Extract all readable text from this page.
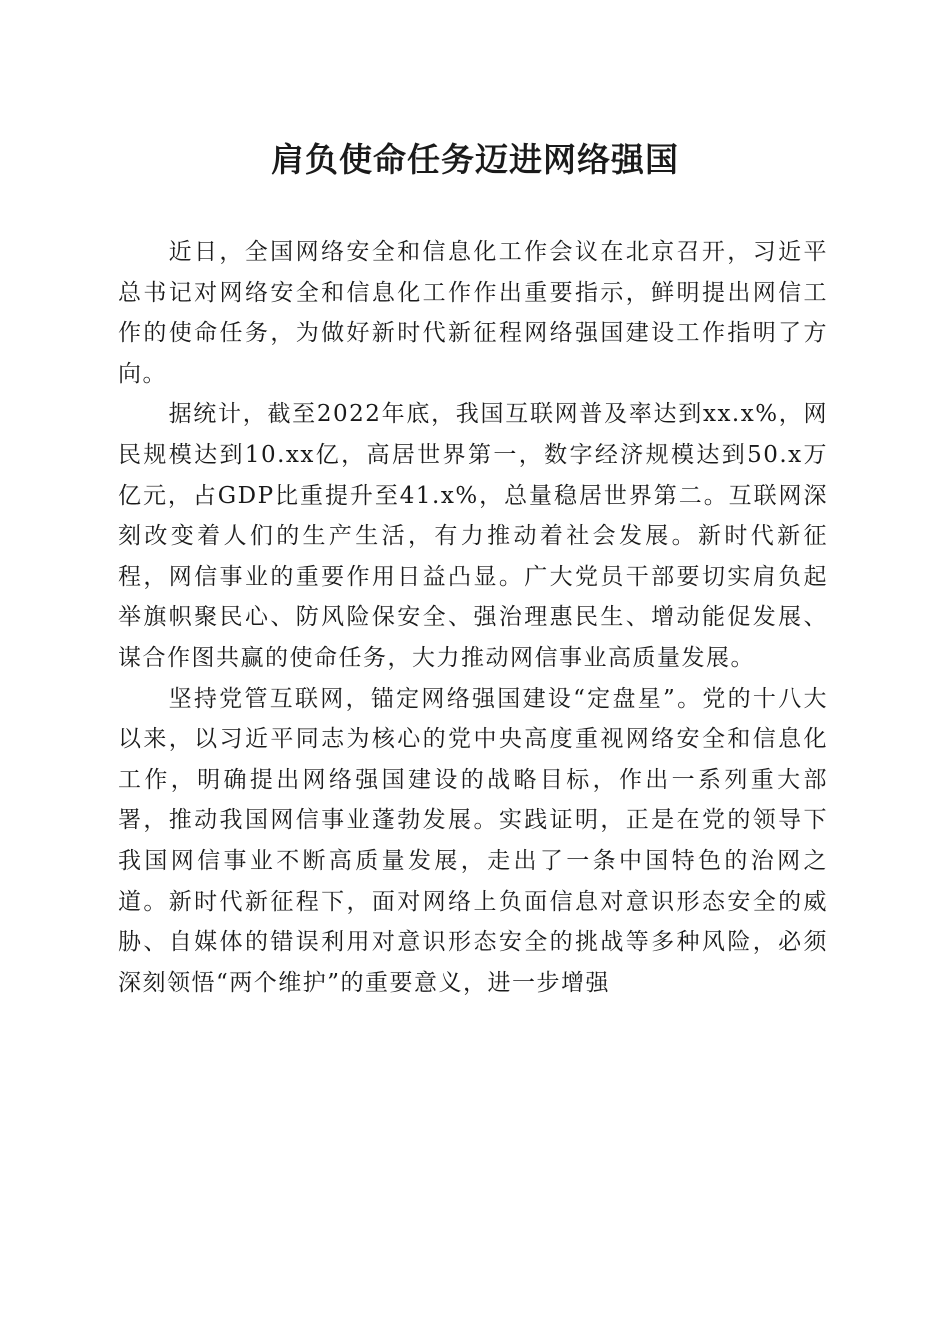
肩负使命任务迈进网络强国

近日，全国网络安全和信息化工作会议在北京召开，习近平总书记对网络安全和信息化工作作出重要指示，鲜明提出网信工作的使命任务，为做好新时代新征程网络强国建设工作指明了方向。

据统计，截至2022年底，我国互联网普及率达到xx.x%，网民规模达到10.xx亿，高居世界第一，数字经济规模达到50.x万亿元，占GDP比重提升至41.x%，总量稳居世界第二。互联网深刻改变着人们的生产生活，有力推动着社会发展。新时代新征程，网信事业的重要作用日益凸显。广大党员干部要切实肩负起举旗帜聚民心、防风险保安全、强治理惠民生、增动能促发展、谋合作图共赢的使命任务，大力推动网信事业高质量发展。

坚持党管互联网，锚定网络强国建设“定盘星”。党的十八大以来，以习近平同志为核心的党中央高度重视网络安全和信息化工作，明确提出网络强国建设的战略目标，作出一系列重大部署，推动我国网信事业蓬勃发展。实践证明，正是在党的领导下我国网信事业不断高质量发展，走出了一条中国特色的治网之道。新时代新征程下，面对网络上负面信息对意识形态安全的威胁、自媒体的错误利用对意识形态安全的挑战等多种风险，必须深刻领悟“两个维护”的重要意义，进一步增强
